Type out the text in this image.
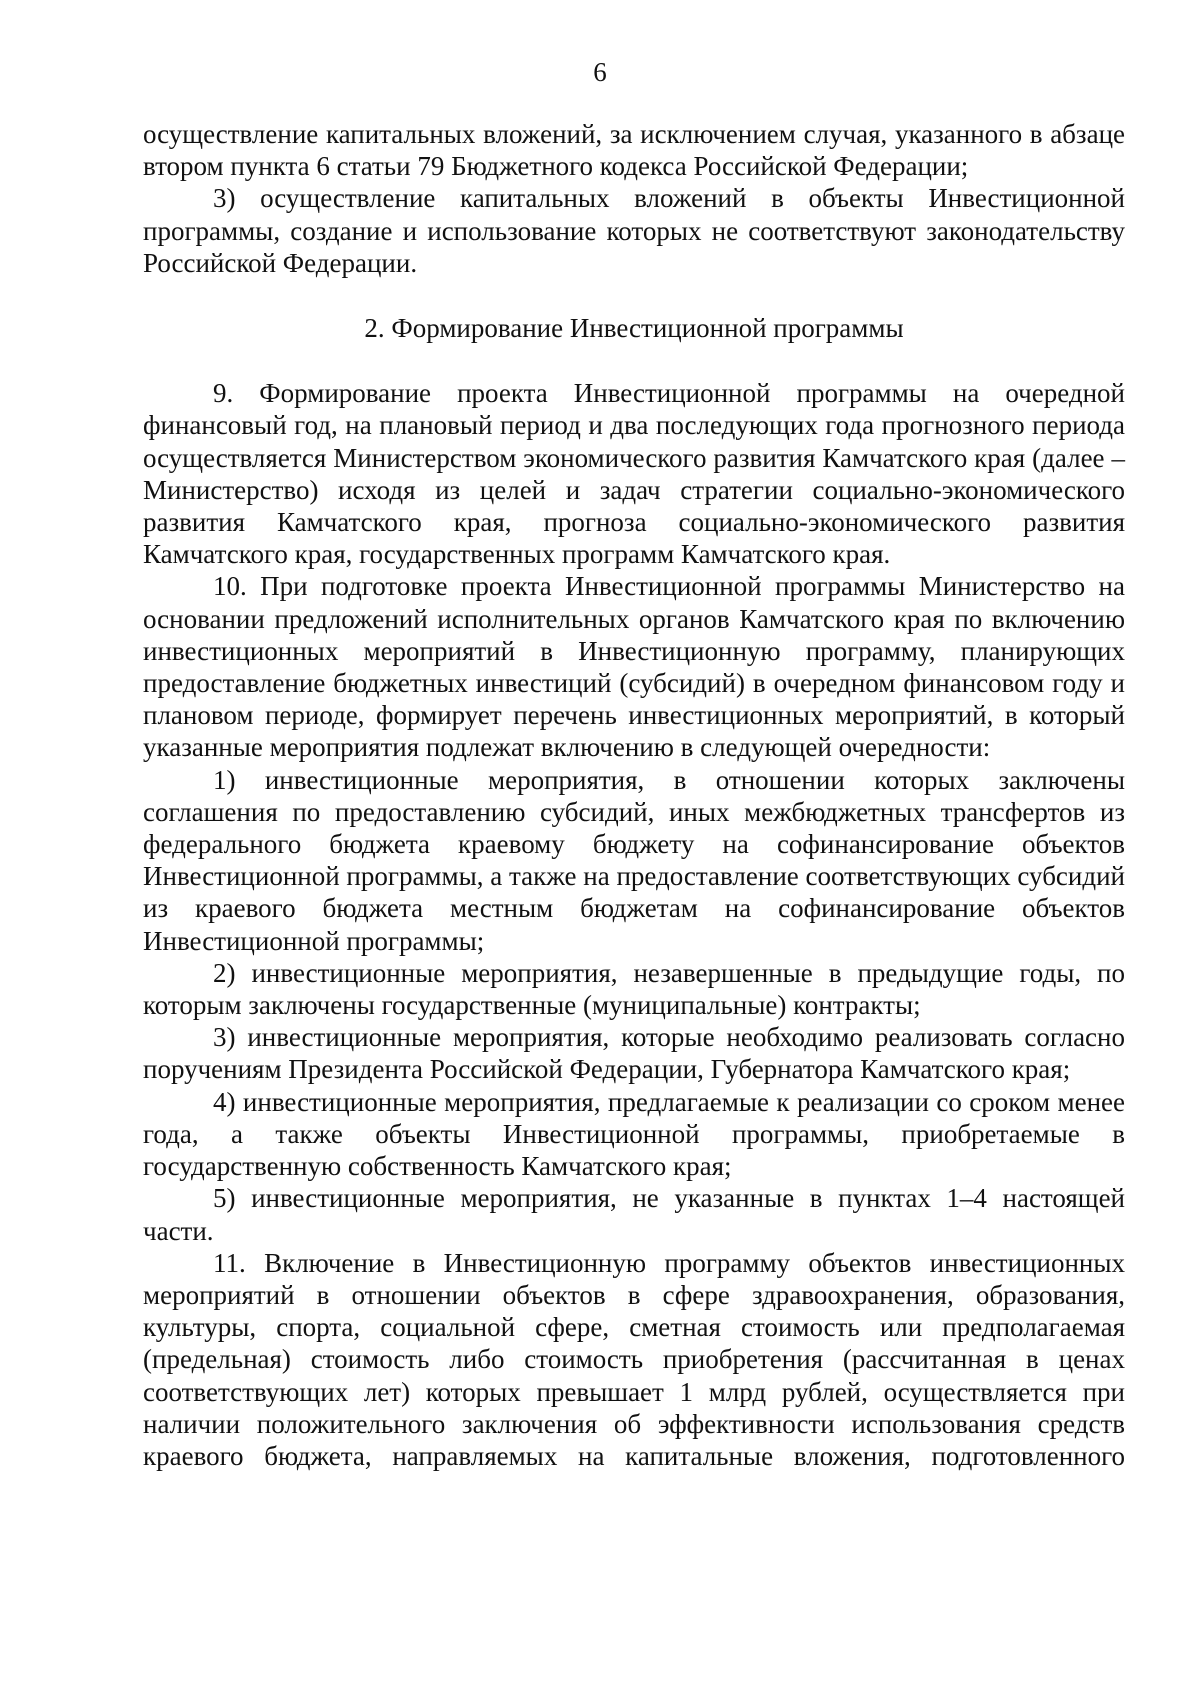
6

осуществление капитальных вложений, за исключением случая, указанного в абзаце втором пункта 6 статьи 79 Бюджетного кодекса Российской Федерации;

3) осуществление капитальных вложений в объекты Инвестиционной программы, создание и использование которых не соответствуют законодательству Российской Федерации.

2. Формирование Инвестиционной программы

9. Формирование проекта Инвестиционной программы на очередной финансовый год, на плановый период и два последующих года прогнозного периода осуществляется Министерством экономического развития Камчатского края (далее – Министерство) исходя из целей и задач стратегии социально-экономического развития Камчатского края, прогноза социально-экономического развития Камчатского края, государственных программ Камчатского края.

10. При подготовке проекта Инвестиционной программы Министерство на основании предложений исполнительных органов Камчатского края по включению инвестиционных мероприятий в Инвестиционную программу, планирующих предоставление бюджетных инвестиций (субсидий) в очередном финансовом году и плановом периоде, формирует перечень инвестиционных мероприятий, в который указанные мероприятия подлежат включению в следующей очередности:

1) инвестиционные мероприятия, в отношении которых заключены соглашения по предоставлению субсидий, иных межбюджетных трансфертов из федерального бюджета краевому бюджету на софинансирование объектов Инвестиционной программы, а также на предоставление соответствующих субсидий из краевого бюджета местным бюджетам на софинансирование объектов Инвестиционной программы;

2) инвестиционные мероприятия, незавершенные в предыдущие годы, по которым заключены государственные (муниципальные) контракты;

3) инвестиционные мероприятия, которые необходимо реализовать согласно поручениям Президента Российской Федерации, Губернатора Камчатского края;

4) инвестиционные мероприятия, предлагаемые к реализации со сроком менее года, а также объекты Инвестиционной программы, приобретаемые в государственную собственность Камчатского края;

5) инвестиционные мероприятия, не указанные в пунктах 1–4 настоящей части.

11. Включение в Инвестиционную программу объектов инвестиционных мероприятий в отношении объектов в сфере здравоохранения, образования, культуры, спорта, социальной сфере, сметная стоимость или предполагаемая (предельная) стоимость либо стоимость приобретения (рассчитанная в ценах соответствующих лет) которых превышает 1 млрд рублей, осуществляется при наличии положительного заключения об эффективности использования средств краевого бюджета, направляемых на капитальные вложения, подготовленного
